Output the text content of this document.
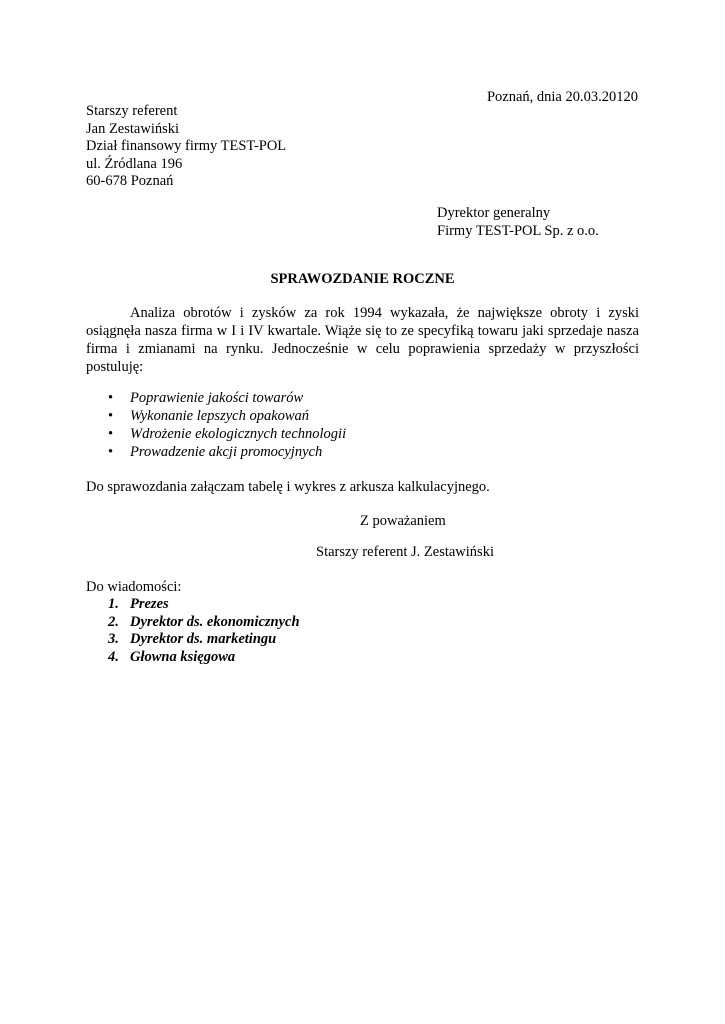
Poznań, dnia 20.03.20120
Starszy referent
Jan Zestawiński
Dział finansowy firmy TEST-POL
ul. Źródlana 196
60-678 Poznań
Dyrektor generalny
Firmy TEST-POL Sp. z o.o.
SPRAWOZDANIE ROCZNE

Analiza obrotów i zysków za rok 1994 wykazała, że największe obroty i zyski osiągnęła nasza firma w I i IV kwartale. Wiąże się to ze specyfiką towaru jaki sprzedaje nasza firma i zmianami na rynku. Jednocześnie w celu poprawienia sprzedaży w przyszłości postuluję:

• Poprawienie jakości towarów
• Wykonanie lepszych opakowań
• Wdrożenie ekologicznych technologii
• Prowadzenie akcji promocyjnych
Do sprawozdania załączam tabelę i wykres z arkusza kalkulacyjnego.
Z poważaniem
Starszy referent J. Zestawiński
Do wiadomości:
1. Prezes
2. Dyrektor ds. ekonomicznych
3. Dyrektor ds. marketingu
4. Głowna księgowa
